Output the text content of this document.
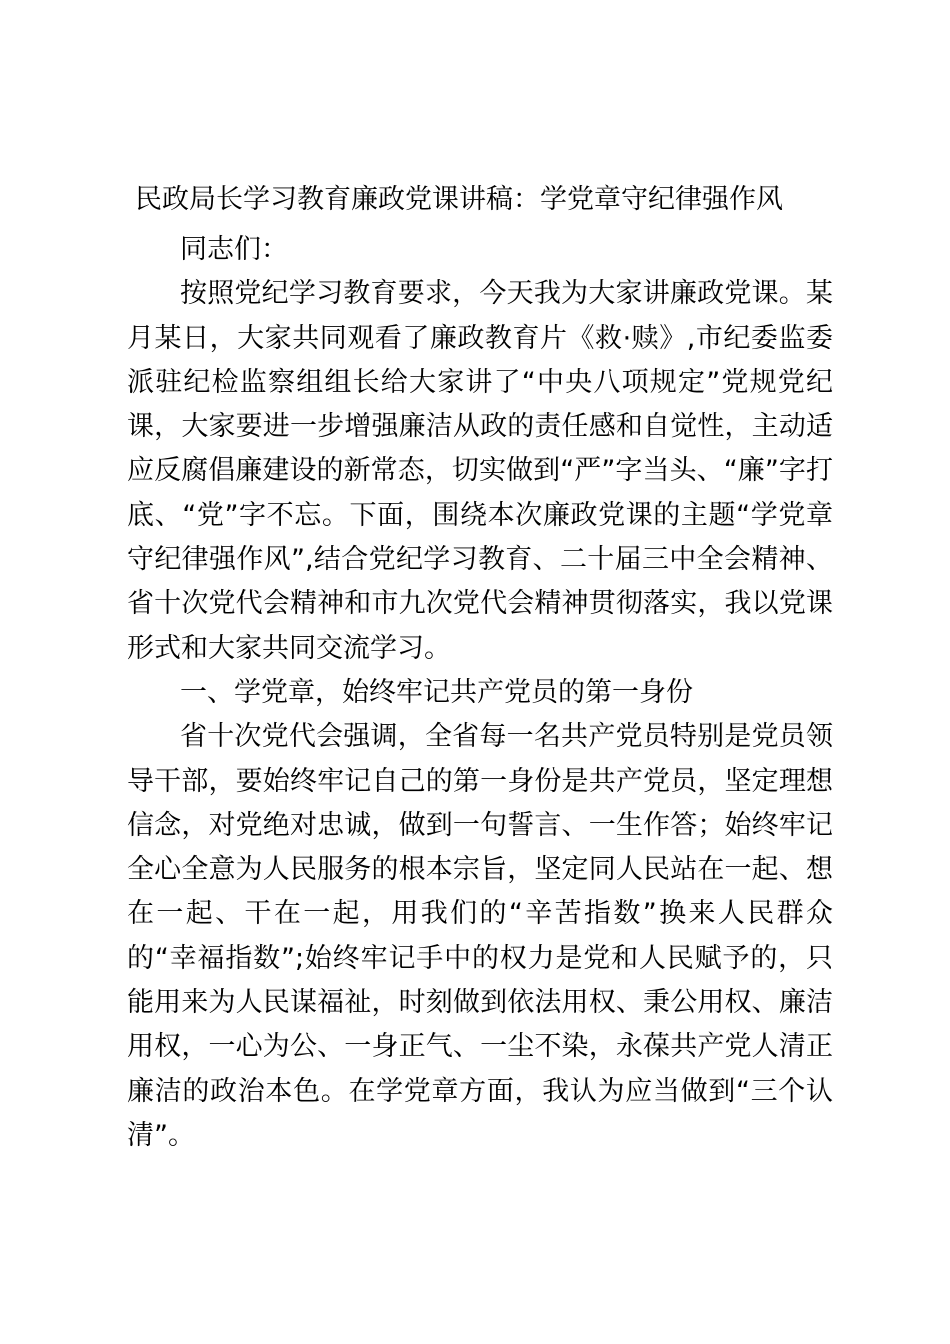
民政局长学习教育廉政党课讲稿：学党章守纪律强作风

同志们：

按照党纪学习教育要求，今天我为大家讲廉政党课。某月某日，大家共同观看了廉政教育片《救·赎》,市纪委监委派驻纪检监察组组长给大家讲了“中央八项规定”党规党纪课，大家要进一步增强廉洁从政的责任感和自觉性，主动适应反腐倡廉建设的新常态，切实做到“严”字当头、“廉”字打底、“党”字不忘。下面，围绕本次廉政党课的主题“学党章守纪律强作风”,结合党纪学习教育、二十届三中全会精神、省十次党代会精神和市九次党代会精神贯彻落实，我以党课形式和大家共同交流学习。

一、学党章，始终牢记共产党员的第一身份

省十次党代会强调，全省每一名共产党员特别是党员领导干部，要始终牢记自己的第一身份是共产党员，坚定理想信念，对党绝对忠诚，做到一句誓言、一生作答；始终牢记全心全意为人民服务的根本宗旨，坚定同人民站在一起、想在一起、干在一起，用我们的“辛苦指数”换来人民群众的“幸福指数”;始终牢记手中的权力是党和人民赋予的，只能用来为人民谋福祉，时刻做到依法用权、秉公用权、廉洁用权，一心为公、一身正气、一尘不染，永葆共产党人清正廉洁的政治本色。在学党章方面，我认为应当做到“三个认清”。
